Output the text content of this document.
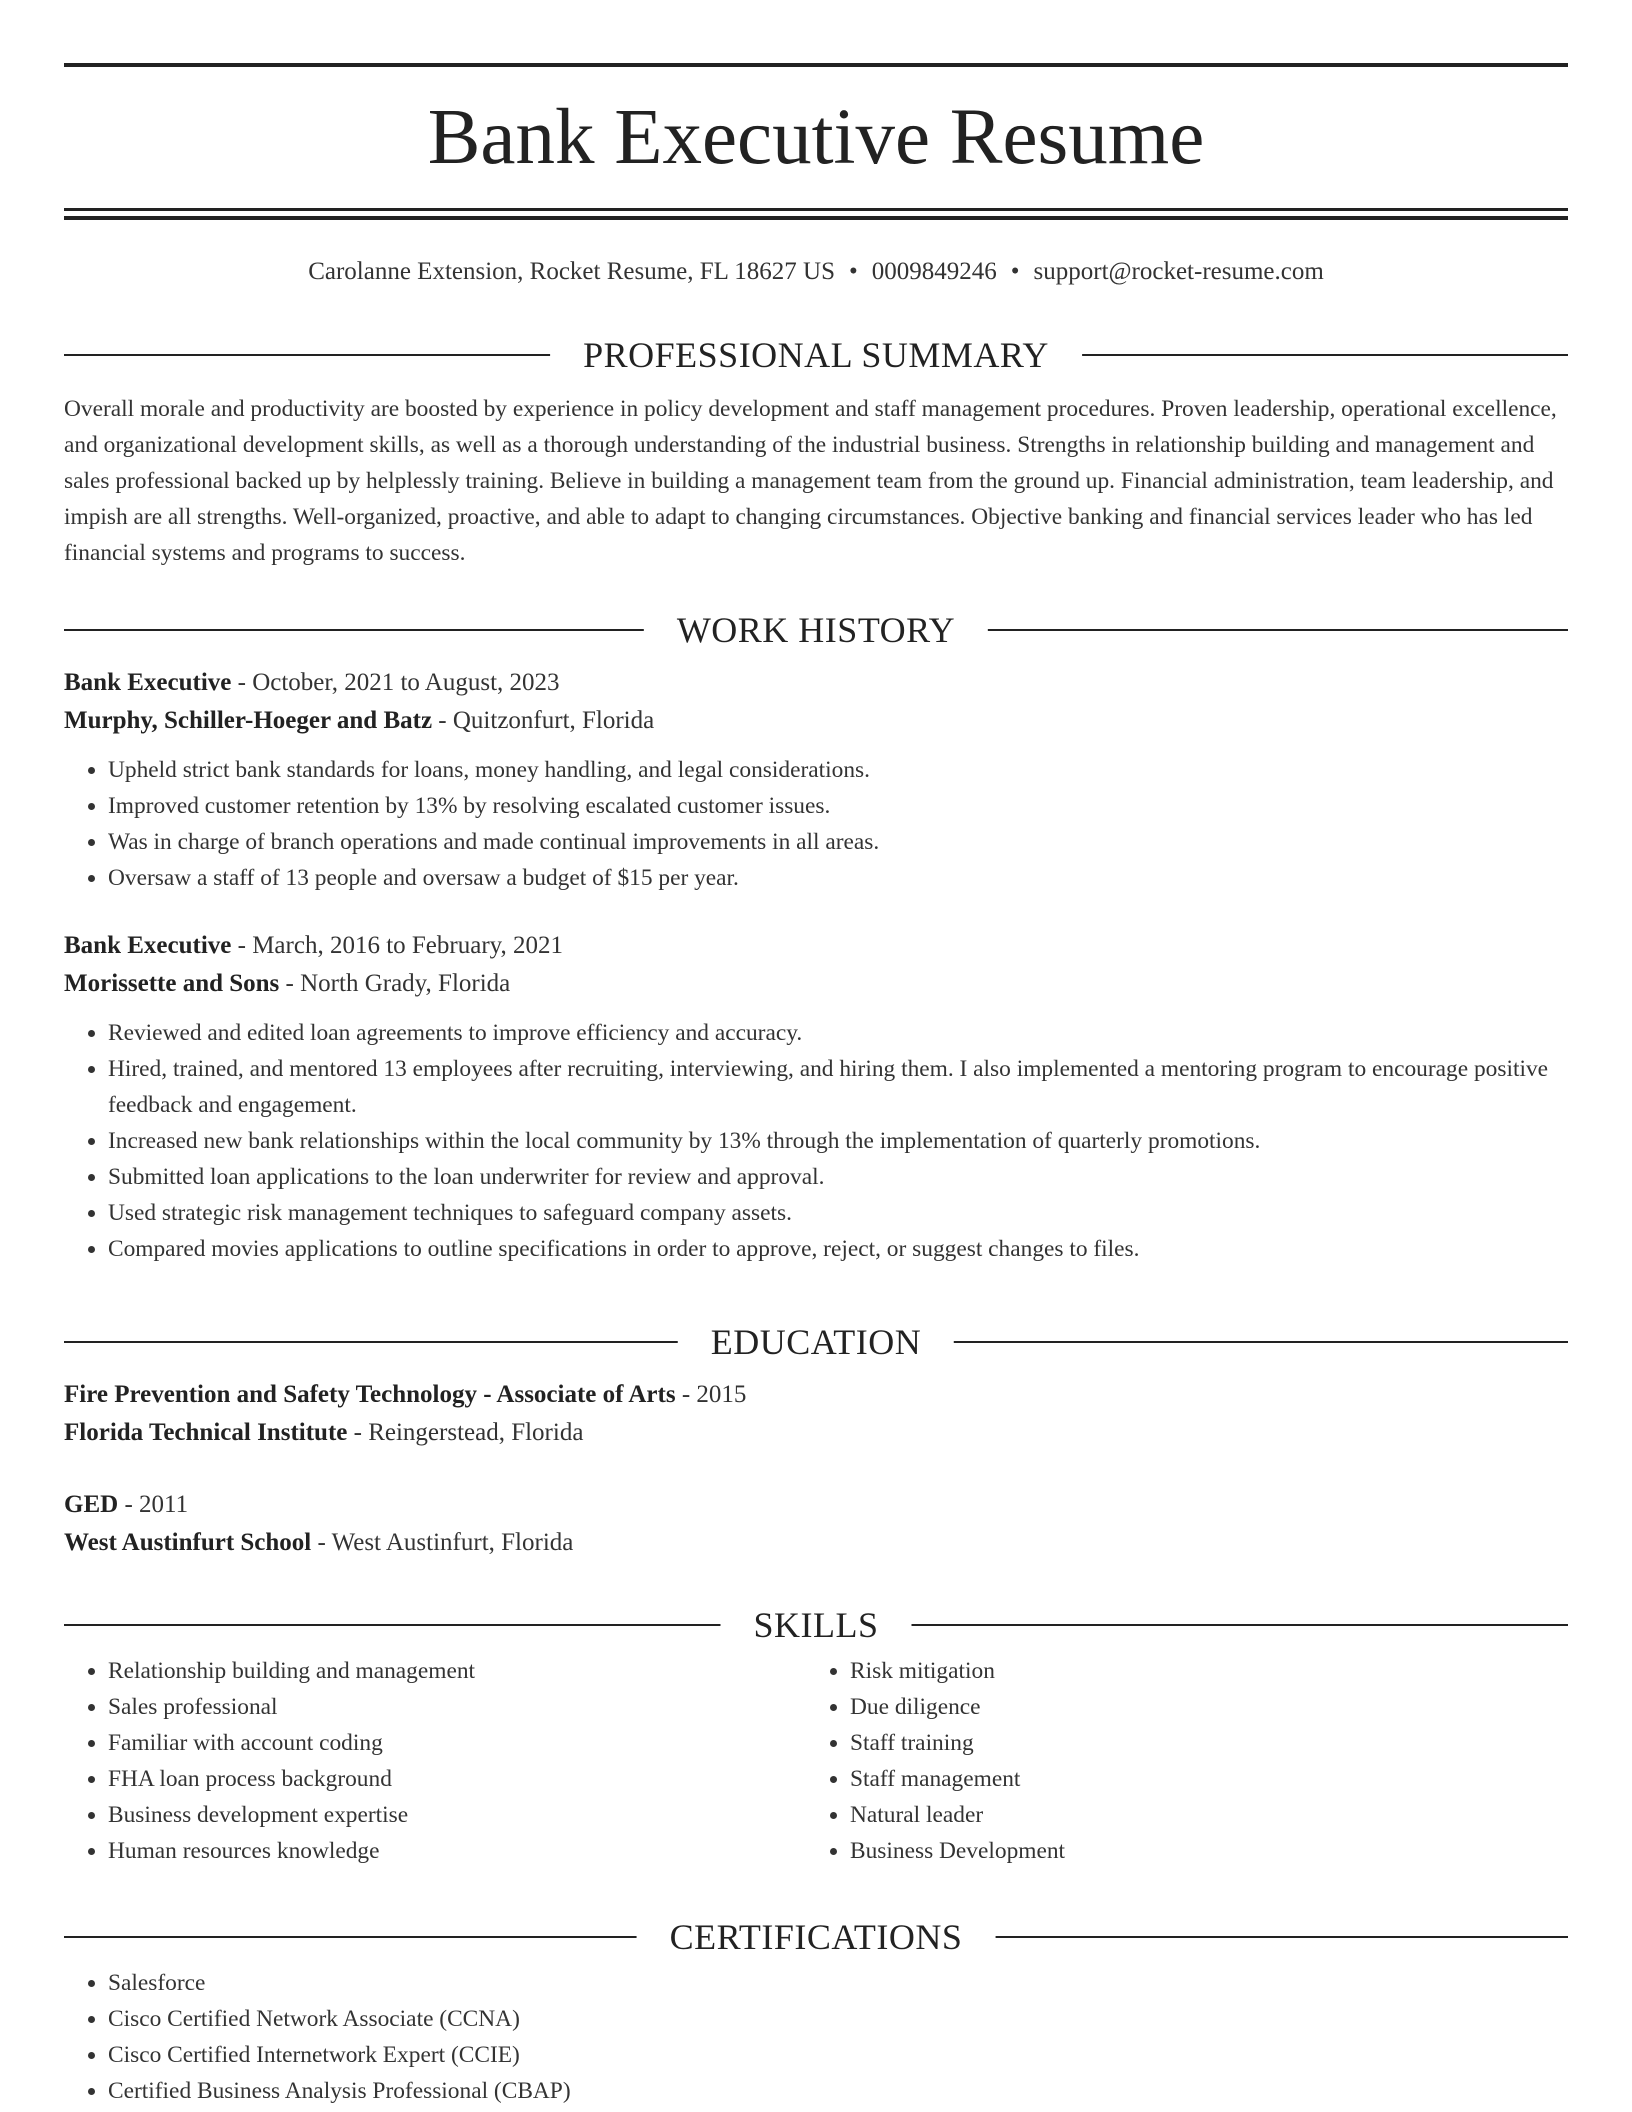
Bank Executive Resume
Carolanne Extension, Rocket Resume, FL 18627 US • 0009849246 • support@rocket-resume.com
PROFESSIONAL SUMMARY

Overall morale and productivity are boosted by experience in policy development and staff management procedures. Proven leadership, operational excellence, and organizational development skills, as well as a thorough understanding of the industrial business. Strengths in relationship building and management and sales professional backed up by helplessly training. Believe in building a management team from the ground up. Financial administration, team leadership, and impish are all strengths. Well-organized, proactive, and able to adapt to changing circumstances. Objective banking and financial services leader who has led financial systems and programs to success.

WORK HISTORY
Bank Executive - October, 2021 to August, 2023
Murphy, Schiller-Hoeger and Batz - Quitzonfurt, Florida
• Upheld strict bank standards for loans, money handling, and legal considerations.
• Improved customer retention by 13% by resolving escalated customer issues.
• Was in charge of branch operations and made continual improvements in all areas.
• Oversaw a staff of 13 people and oversaw a budget of $15 per year.
Bank Executive - March, 2016 to February, 2021
Morissette and Sons - North Grady, Florida
• Reviewed and edited loan agreements to improve efficiency and accuracy.
• Hired, trained, and mentored 13 employees after recruiting, interviewing, and hiring them. I also implemented a mentoring program to encourage positive feedback and engagement.
• Increased new bank relationships within the local community by 13% through the implementation of quarterly promotions.
• Submitted loan applications to the loan underwriter for review and approval.
• Used strategic risk management techniques to safeguard company assets.
• Compared movies applications to outline specifications in order to approve, reject, or suggest changes to files.
EDUCATION
Fire Prevention and Safety Technology - Associate of Arts - 2015
Florida Technical Institute - Reingerstead, Florida
GED - 2011
West Austinfurt School - West Austinfurt, Florida
SKILLS
• Relationship building and management
• Sales professional
• Familiar with account coding
• FHA loan process background
• Business development expertise
• Human resources knowledge
• Risk mitigation
• Due diligence
• Staff training
• Staff management
• Natural leader
• Business Development
CERTIFICATIONS
• Salesforce
• Cisco Certified Network Associate (CCNA)
• Cisco Certified Internetwork Expert (CCIE)
• Certified Business Analysis Professional (CBAP)
